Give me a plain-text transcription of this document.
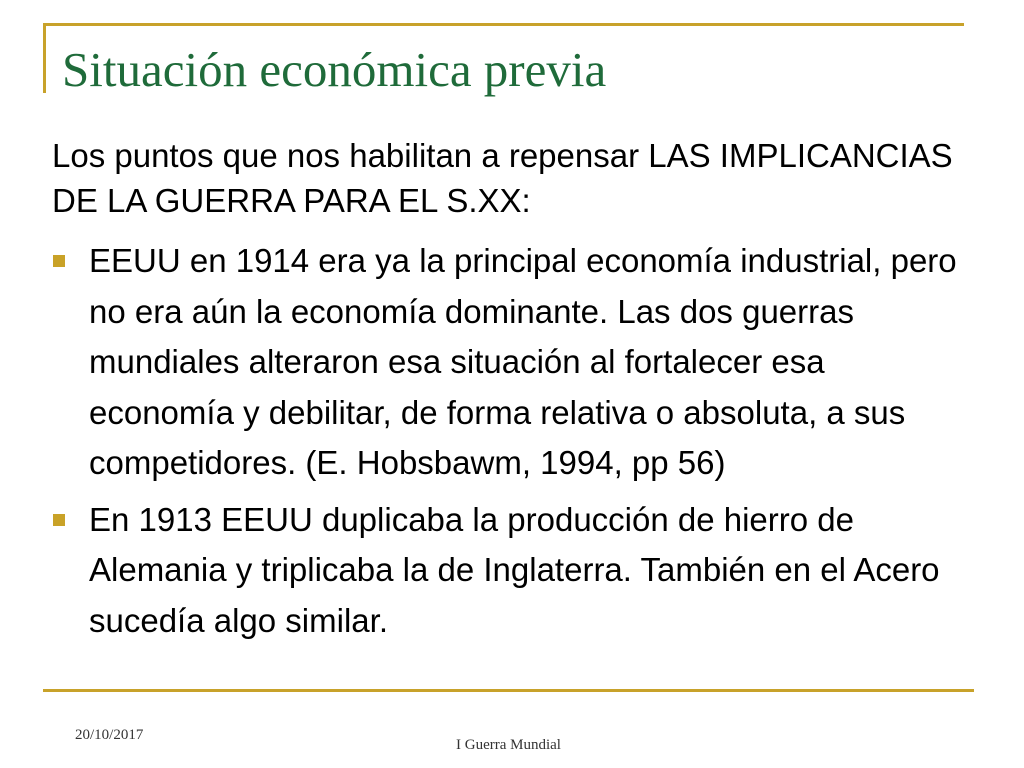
Situación económica previa

Los puntos que nos habilitan a repensar LAS IMPLICANCIAS DE LA GUERRA PARA EL S.XX:

EEUU en 1914 era ya la principal economía industrial, pero no era aún la economía dominante. Las dos guerras mundiales alteraron esa situación al fortalecer esa economía y debilitar, de forma relativa o absoluta, a sus competidores. (E. Hobsbawm, 1994, pp 56)
En 1913 EEUU duplicaba la producción de hierro de Alemania y triplicaba la de Inglaterra. También en el Acero sucedía algo similar.
20/10/2017
I Guerra Mundial
